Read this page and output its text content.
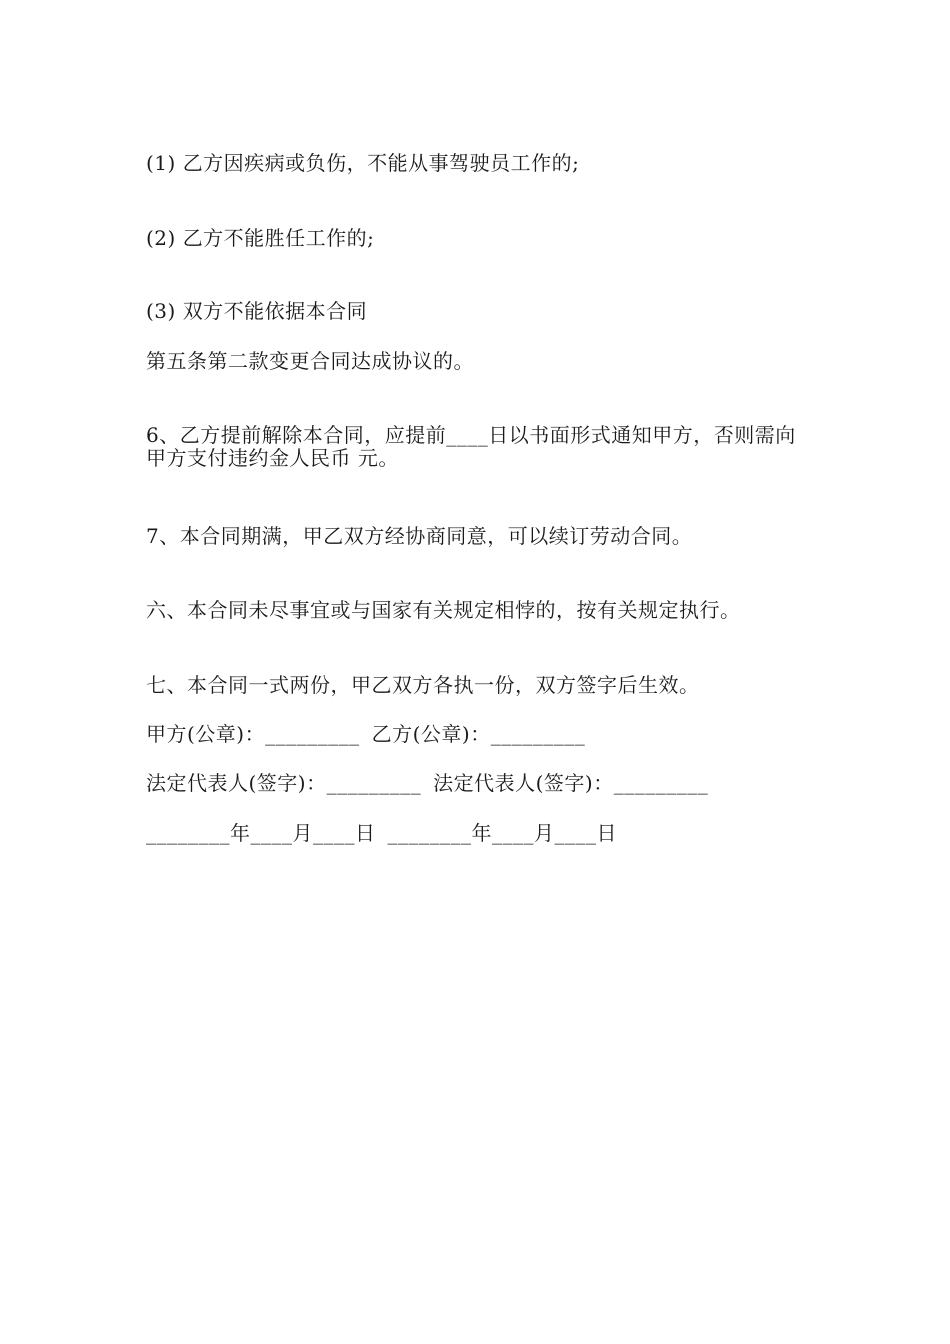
(1) 乙方因疾病或负伤，不能从事驾驶员工作的;
(2) 乙方不能胜任工作的;
(3) 双方不能依据本合同
第五条第二款变更合同达成协议的。
6、乙方提前解除本合同，应提前____日以书面形式通知甲方，否则需向甲方支付违约金人民币 元。
7、本合同期满，甲乙双方经协商同意，可以续订劳动合同。
六、本合同未尽事宜或与国家有关规定相悖的，按有关规定执行。
七、本合同一式两份，甲乙双方各执一份，双方签字后生效。
甲方(公章)：_________ 乙方(公章)：_________
法定代表人(签字)：_________ 法定代表人(签字)：_________
________年____月____日 ________年____月____日
